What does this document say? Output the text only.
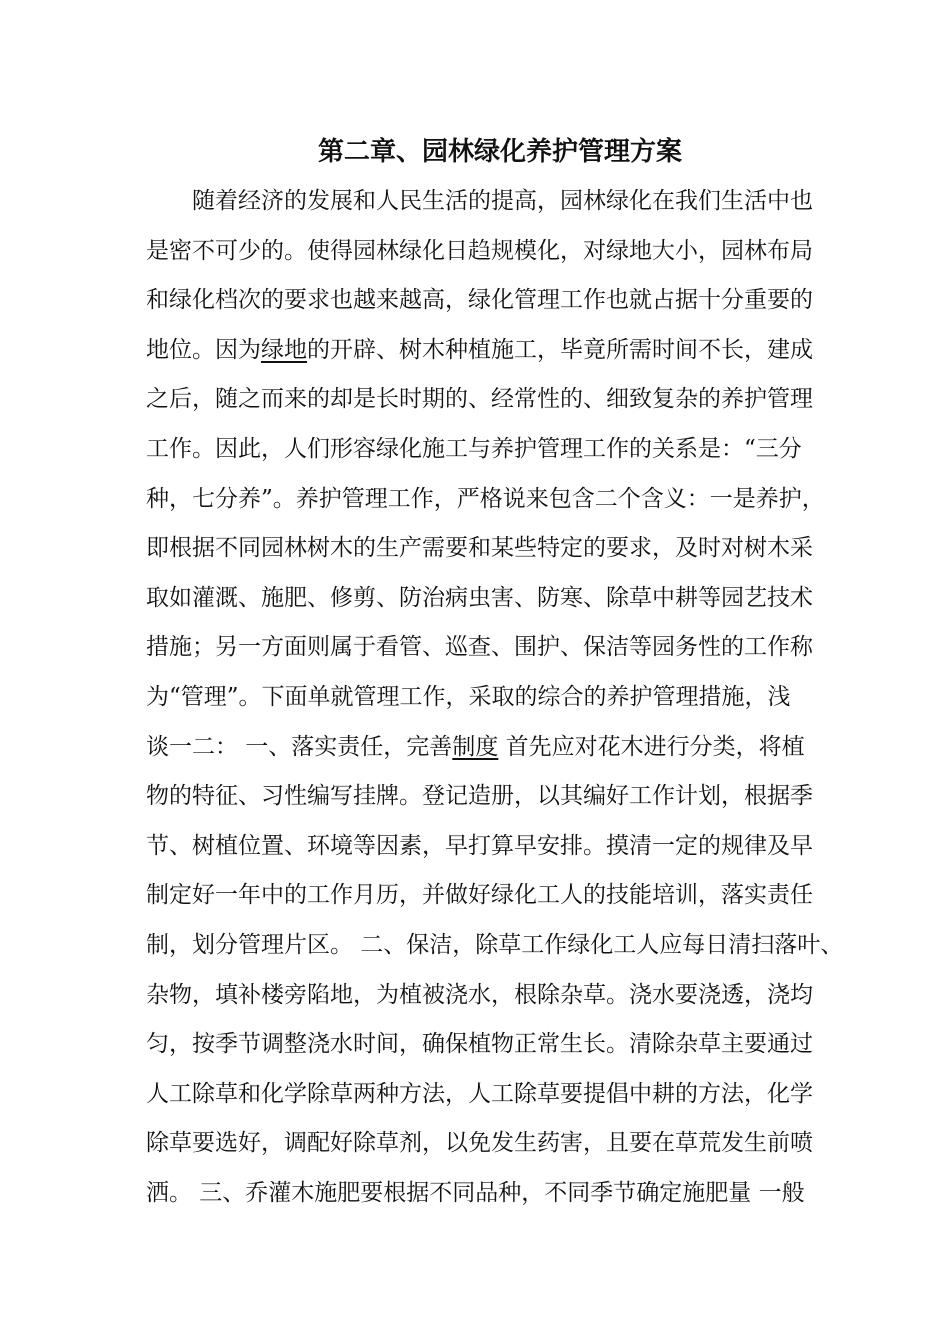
第二章、园林绿化养护管理方案
随着经济的发展和人民生活的提高，园林绿化在我们生活中也
是密不可少的。使得园林绿化日趋规模化，对绿地大小，园林布局
和绿化档次的要求也越来越高，绿化管理工作也就占据十分重要的
地位。因为绿地的开辟、树木种植施工，毕竟所需时间不长，建成
之后，随之而来的却是长时期的、经常性的、细致复杂的养护管理
工作。因此，人们形容绿化施工与养护管理工作的关系是：“三分
种，七分养”。养护管理工作，严格说来包含二个含义：一是养护，
即根据不同园林树木的生产需要和某些特定的要求，及时对树木采
取如灌溉、施肥、修剪、防治病虫害、防寒、除草中耕等园艺技术
措施；另一方面则属于看管、巡查、围护、保洁等园务性的工作称
为“管理”。下面单就管理工作，采取的综合的养护管理措施，浅
谈一二： 一、落实责任，完善制度 首先应对花木进行分类，将植
物的特征、习性编写挂牌。登记造册，以其编好工作计划，根据季
节、树植位置、环境等因素，早打算早安排。摸清一定的规律及早
制定好一年中的工作月历，并做好绿化工人的技能培训，落实责任
制，划分管理片区。 二、保洁，除草工作绿化工人应每日清扫落叶、
杂物，填补楼旁陷地，为植被浇水，根除杂草。浇水要浇透，浇均
匀，按季节调整浇水时间，确保植物正常生长。清除杂草主要通过
人工除草和化学除草两种方法，人工除草要提倡中耕的方法，化学
除草要选好，调配好除草剂，以免发生药害，且要在草荒发生前喷
洒。 三、乔灌木施肥要根据不同品种，不同季节确定施肥量 一般
